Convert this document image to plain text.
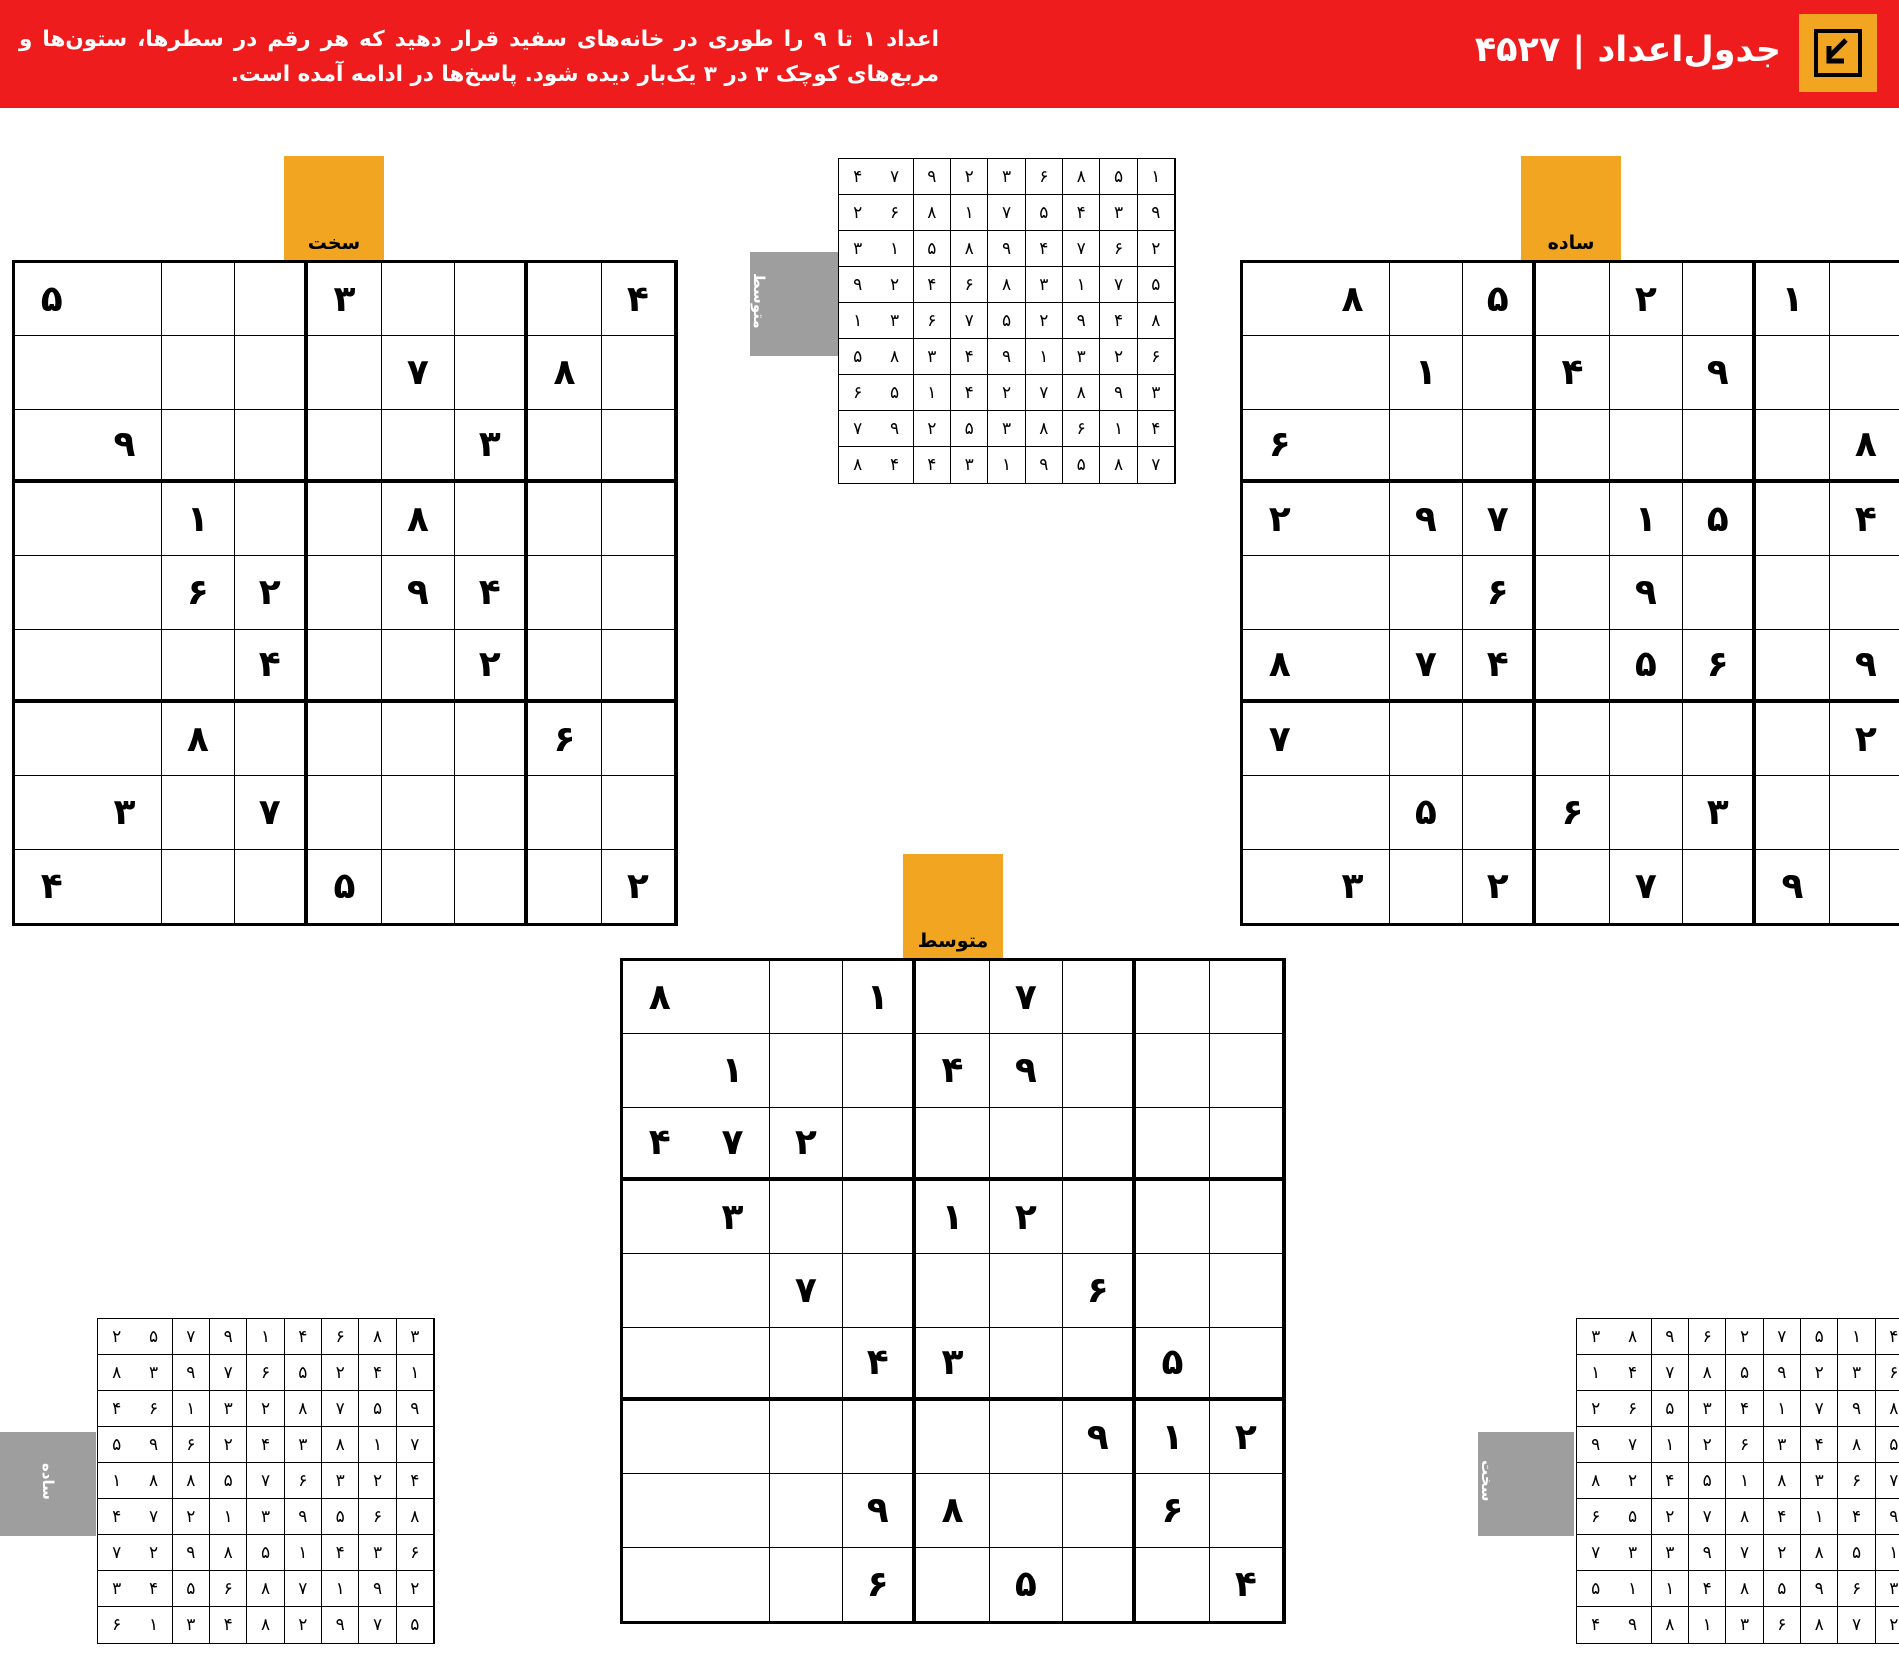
جدول‌اعداد | ۴۵۲۷
اعداد ۱ تا ۹ را طوری در خانه‌های سفید قرار دهید که هر رقم در سطرها، ستون‌ها و مربع‌های کوچک ۳ در ۳ یک‌بار دیده شود. پاسخ‌ها در ادامه آمده است.
سخت
۴
۳
۵
۸
۷
۳
۹
۸
۱
۴
۹
۲
۶
۲
۴
۶
۸
۷
۳
۲
۵
۴
ساده
۱
۲
۵
۸
۹
۴
۱
۸
۶
۴
۵
۱
۷
۹
۲
۹
۶
۹
۶
۵
۴
۷
۸
۲
۷
۳
۶
۵
۹
۷
۲
۳
متوسط
۷
۱
۸
۹
۴
۱
۲
۷
۴
۲
۱
۳
۶
۷
۵
۳
۴
۲
۱
۹
۶
۸
۹
۴
۵
۶
متوسط
۱
۵
۸
۶
۳
۲
۹
۷
۴
۹
۳
۴
۵
۷
۱
۸
۶
۲
۲
۶
۷
۴
۹
۸
۵
۱
۳
۵
۷
۱
۳
۸
۶
۴
۲
۹
۸
۴
۹
۲
۵
۷
۶
۳
۱
۶
۲
۳
۱
۹
۴
۳
۸
۵
۳
۹
۸
۷
۲
۴
۱
۵
۶
۴
۱
۶
۸
۳
۵
۲
۹
۷
۷
۸
۵
۹
۱
۳
۴
۴
۸
ساده
۳
۸
۶
۴
۱
۹
۷
۵
۲
۱
۴
۲
۵
۶
۷
۹
۳
۸
۹
۵
۷
۸
۲
۳
۱
۶
۴
۷
۱
۸
۳
۴
۲
۶
۹
۵
۴
۲
۳
۶
۷
۵
۸
۸
۱
۸
۶
۵
۹
۳
۱
۲
۷
۴
۶
۳
۴
۱
۵
۸
۹
۲
۷
۲
۹
۱
۷
۸
۶
۵
۴
۳
۵
۷
۹
۲
۸
۴
۳
۱
۶
سخت
۴
۱
۵
۷
۲
۶
۹
۸
۳
۶
۳
۲
۹
۵
۸
۷
۴
۱
۸
۹
۷
۱
۴
۳
۵
۶
۲
۵
۸
۴
۳
۶
۲
۱
۷
۹
۷
۶
۳
۸
۱
۵
۴
۲
۸
۹
۴
۱
۴
۸
۷
۲
۵
۶
۱
۵
۸
۲
۷
۹
۳
۳
۷
۳
۶
۹
۵
۸
۴
۱
۱
۵
۲
۷
۸
۶
۳
۱
۸
۹
۴
